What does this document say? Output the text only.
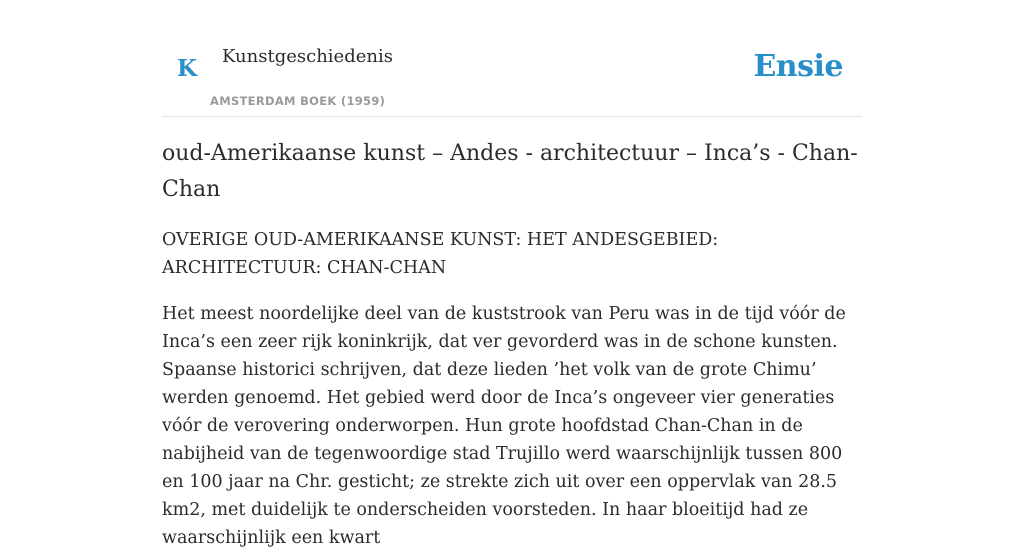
K Kunstgeschiedenis
AMSTERDAM BOEK (1959)
Ensie
oud-Amerikaanse kunst – Andes - architectuur – Inca’s - Chan-Chan

OVERIGE OUD-AMERIKAANSE KUNST: HET ANDESGEBIED: ARCHITECTUUR: CHAN-CHAN

Het meest noordelijke deel van de kuststrook van Peru was in de tijd vóór de Inca’s een zeer rijk koninkrijk, dat ver gevorderd was in de schone kunsten. Spaanse historici schrijven, dat deze lieden ’het volk van de grote Chimu’ werden genoemd. Het gebied werd door de Inca’s ongeveer vier generaties vóór de verovering onderworpen. Hun grote hoofdstad Chan-Chan in de nabijheid van de tegenwoordige stad Trujillo werd waarschijnlijk tussen 800 en 100 jaar na Chr. gesticht; ze strekte zich uit over een oppervlak van 28.5 km2, met duidelijk te onderscheiden voorsteden. In haar bloeitijd had ze waarschijnlijk een kwart
